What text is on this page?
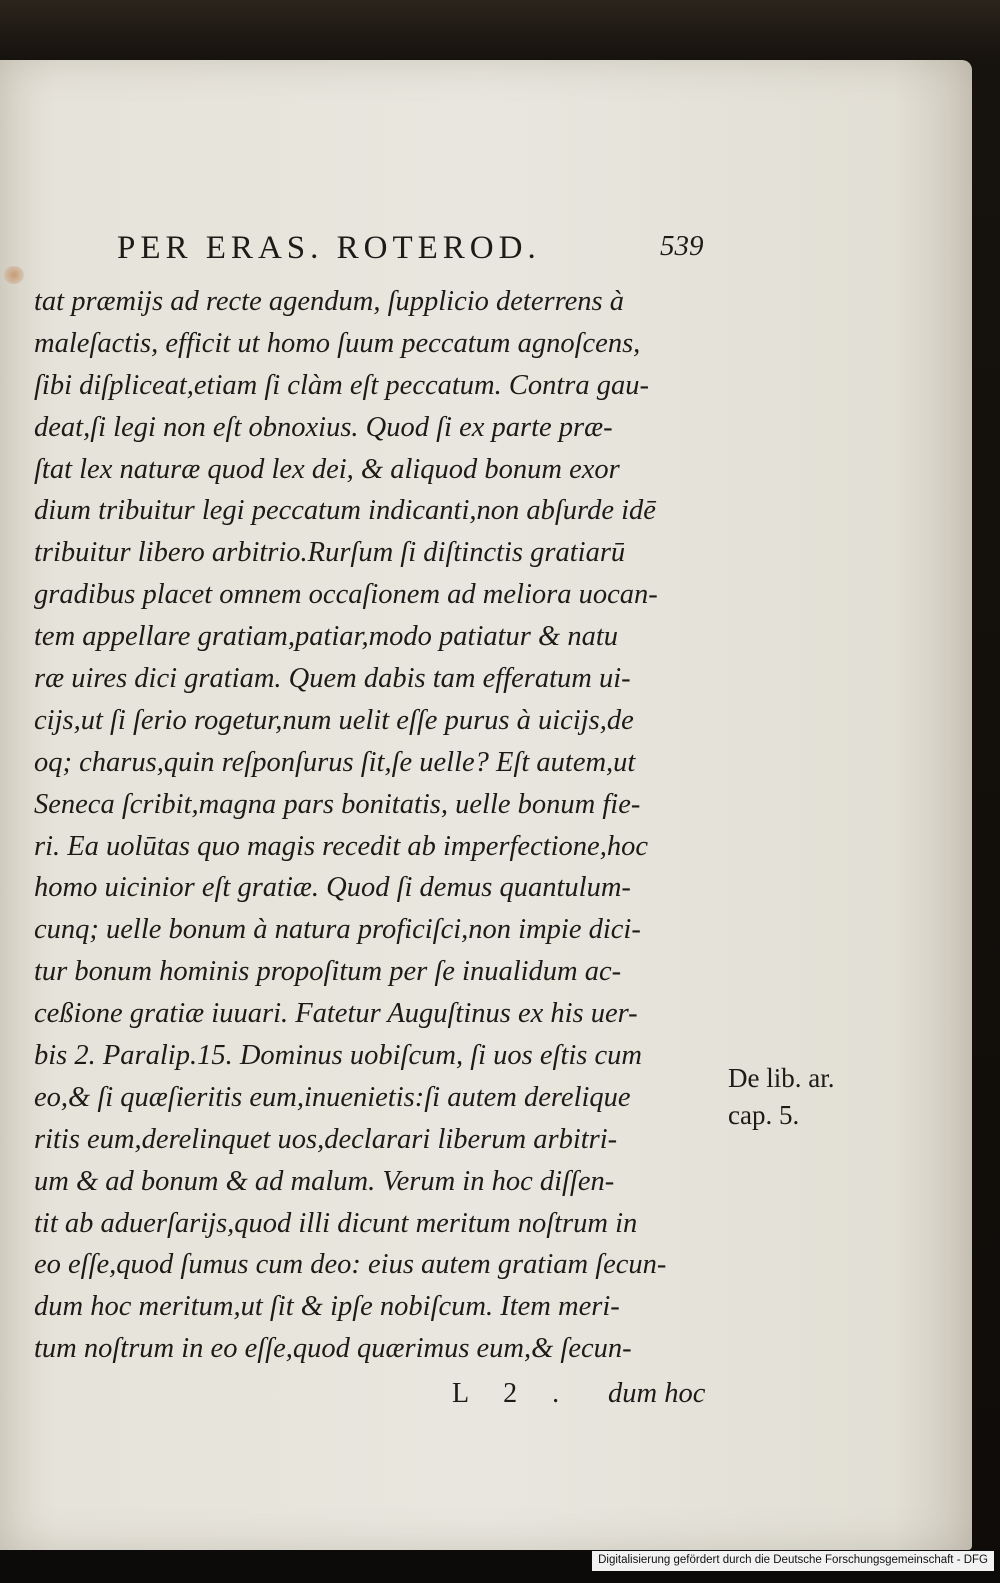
PER ERAS. ROTEROD.	539
tat præmijs ad recte agendum, ſupplicio deterrens à
maleſactis, efficit ut homo ſuum peccatum agnoſcens,
ſibi diſpliceat,etiam ſi clàm eſt peccatum. Contra gau-
deat,ſi legi non eſt obnoxius. Quod ſi ex parte præ-
ſtat lex naturæ quod lex dei, & aliquod bonum exor
dium tribuitur legi peccatum indicanti,non abſurde idē
tribuitur libero arbitrio.Rurſum ſi diſtinctis gratiarū
gradibus placet omnem occaſionem ad meliora uocan-
tem appellare gratiam,patiar,modo patiatur & natu
ræ uires dici gratiam. Quem dabis tam efferatum ui-
cijs,ut ſi ſerio rogetur,num uelit eſſe purus à uicijs,de
oq; charus,quin reſponſurus ſit,ſe uelle? Eſt autem,ut
Seneca ſcribit,magna pars bonitatis, uelle bonum fie-
ri. Ea uolūtas quo magis recedit ab imperfectione,hoc
homo uicinior eſt gratiæ. Quod ſi demus quantulum-
cunq; uelle bonum à natura proficiſci,non impie dici-
tur bonum hominis propoſitum per ſe inualidum ac-
ceßione gratiæ iuuari. Fatetur Auguſtinus ex his uer-
bis 2. Paralip.15. Dominus uobiſcum, ſi uos eſtis cum
eo,& ſi quæſieritis eum,inuenietis:ſi autem derelique
ritis eum,derelinquet uos,declarari liberum arbitri-
um & ad bonum & ad malum. Verum in hoc diſſen-
tit ab aduerſarijs,quod illi dicunt meritum noſtrum in
eo eſſe,quod ſumus cum deo: eius autem gratiam ſecun-
dum hoc meritum,ut ſit & ipſe nobiſcum. Item meri-
tum noſtrum in eo eſſe,quod quærimus eum,& ſecun-
De lib. ar.
cap. 5.
L 2 . dum hoc
Digitalisierung gefördert durch die Deutsche Forschungsgemeinschaft - DFG
